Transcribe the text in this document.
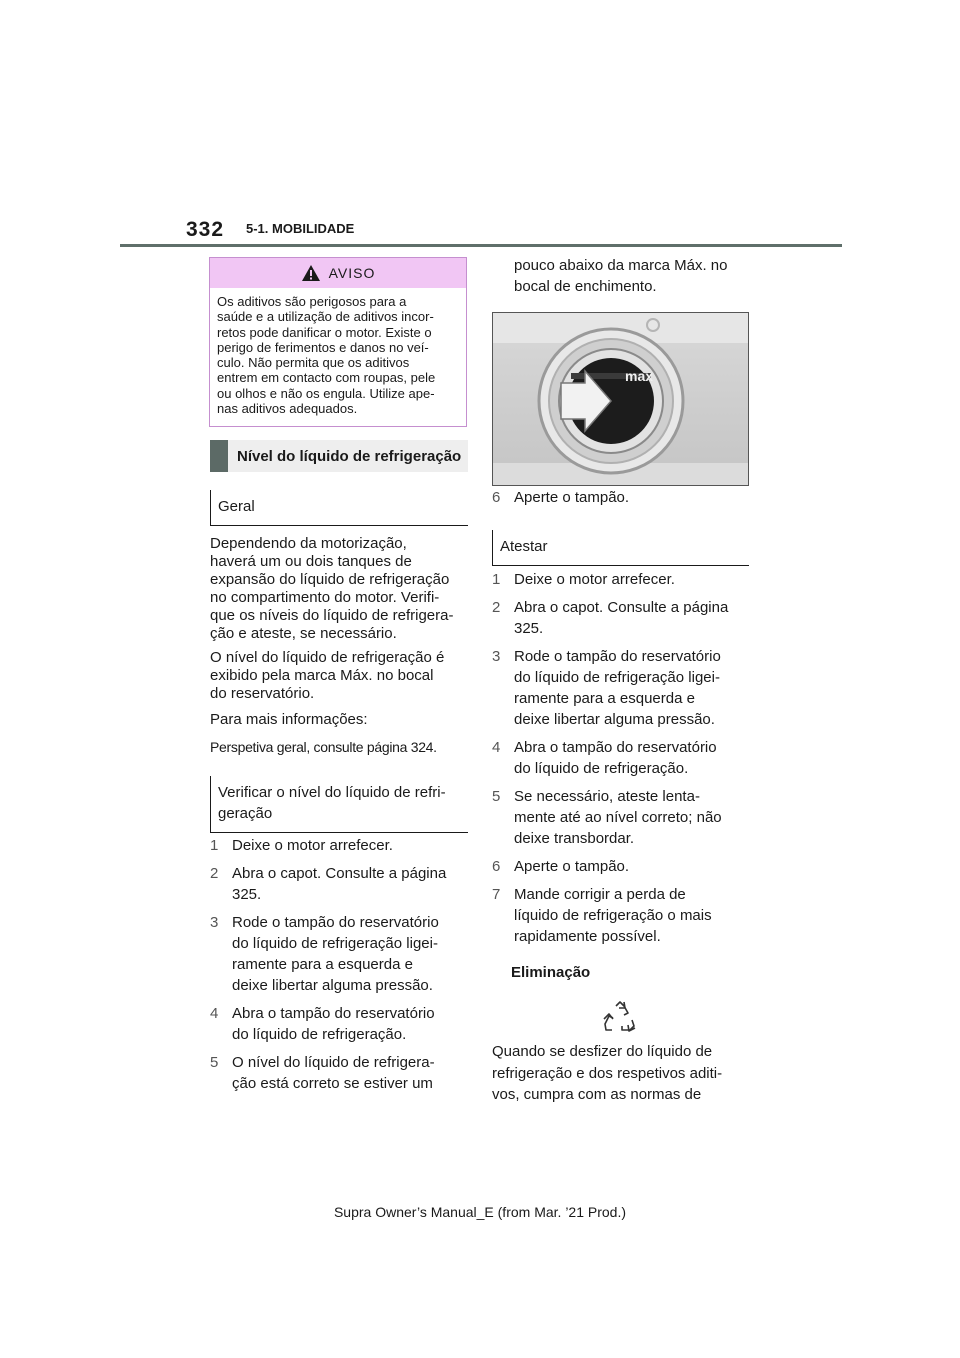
332 5-1. MOBILIDADE
AVISO
Os aditivos são perigosos para a
saúde e a utilização de aditivos incor-
retos pode danificar o motor. Existe o
perigo de ferimentos e danos no veí-
culo. Não permita que os aditivos
entrem em contacto com roupas, pele
ou olhos e não os engula. Utilize ape-
nas aditivos adequados.
Nível do líquido de refrigeração
Geral
Dependendo da motorização,
haverá um ou dois tanques de
expansão do líquido de refrigeração
no compartimento do motor. Verifi-
que os níveis do líquido de refrigera-
ção e ateste, se necessário.
O nível do líquido de refrigeração é
exibido pela marca Máx. no bocal
do reservatório.
Para mais informações:
Perspetiva geral, consulte página 324.
Verificar o nível do líquido de refri-
geração
1 Deixe o motor arrefecer.
2 Abra o capot. Consulte a página
325.
3 Rode o tampão do reservatório
do líquido de refrigeração ligei-
ramente para a esquerda e
deixe libertar alguma pressão.
4 Abra o tampão do reservatório
do líquido de refrigeração.
5 O nível do líquido de refrigera-
ção está correto se estiver um
pouco abaixo da marca Máx. no
bocal de enchimento.
max
6 Aperte o tampão.
Atestar
1 Deixe o motor arrefecer.
2 Abra o capot. Consulte a página
325.
3 Rode o tampão do reservatório
do líquido de refrigeração ligei-
ramente para a esquerda e
deixe libertar alguma pressão.
4 Abra o tampão do reservatório
do líquido de refrigeração.
5 Se necessário, ateste lenta-
mente até ao nível correto; não
deixe transbordar.
6 Aperte o tampão.
7 Mande corrigir a perda de
líquido de refrigeração o mais
rapidamente possível.
Eliminação
Quando se desfizer do líquido de
refrigeração e dos respetivos aditi-
vos, cumpra com as normas de
Supra Owner’s Manual_E (from Mar. ’21 Prod.)
